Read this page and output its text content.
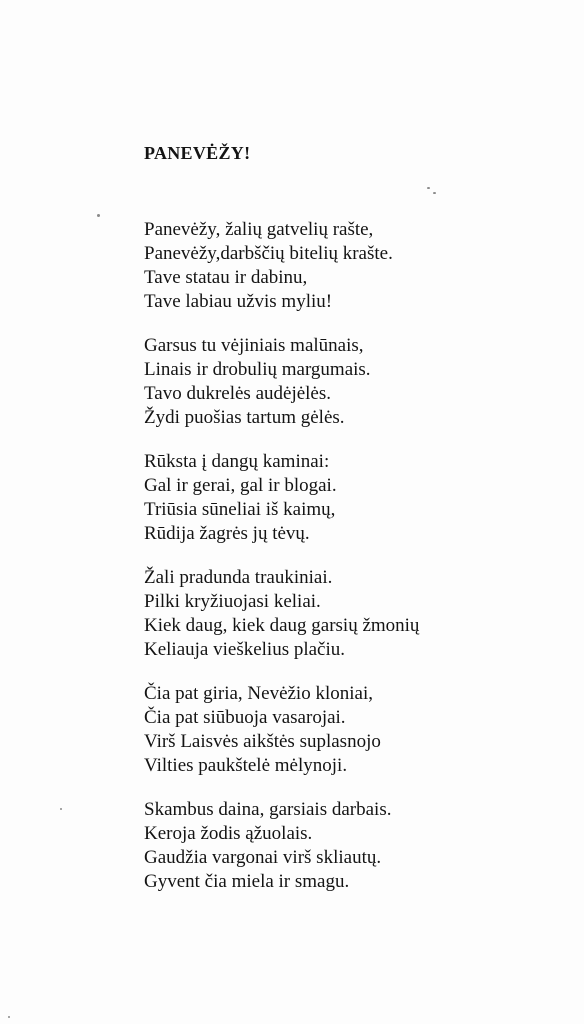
PANEVĖŽY!
Panevėžy, žalių gatvelių rašte,
Panevėžy,darbščių bitelių krašte.
Tave statau ir dabinu,
Tave labiau užvis myliu!
Garsus tu vėjiniais malūnais,
Linais ir drobulių margumais.
Tavo dukrelės audėjėlės.
Žydi puošias tartum gėlės.
Rūksta į dangų kaminai:
Gal ir gerai, gal ir blogai.
Triūsia sūneliai iš kaimų,
Rūdija žagrės jų tėvų.
Žali pradunda traukiniai.
Pilki kryžiuojasi keliai.
Kiek daug, kiek daug garsių žmonių
Keliauja vieškelius plačiu.
Čia pat giria, Nevėžio kloniai,
Čia pat siūbuoja vasarojai.
Virš Laisvės aikštės suplasnojo
Vilties paukštelė mėlynoji.
Skambus daina, garsiais darbais.
Keroja žodis ąžuolais.
Gaudžia vargonai virš skliautų.
Gyvent čia miela ir smagu.
